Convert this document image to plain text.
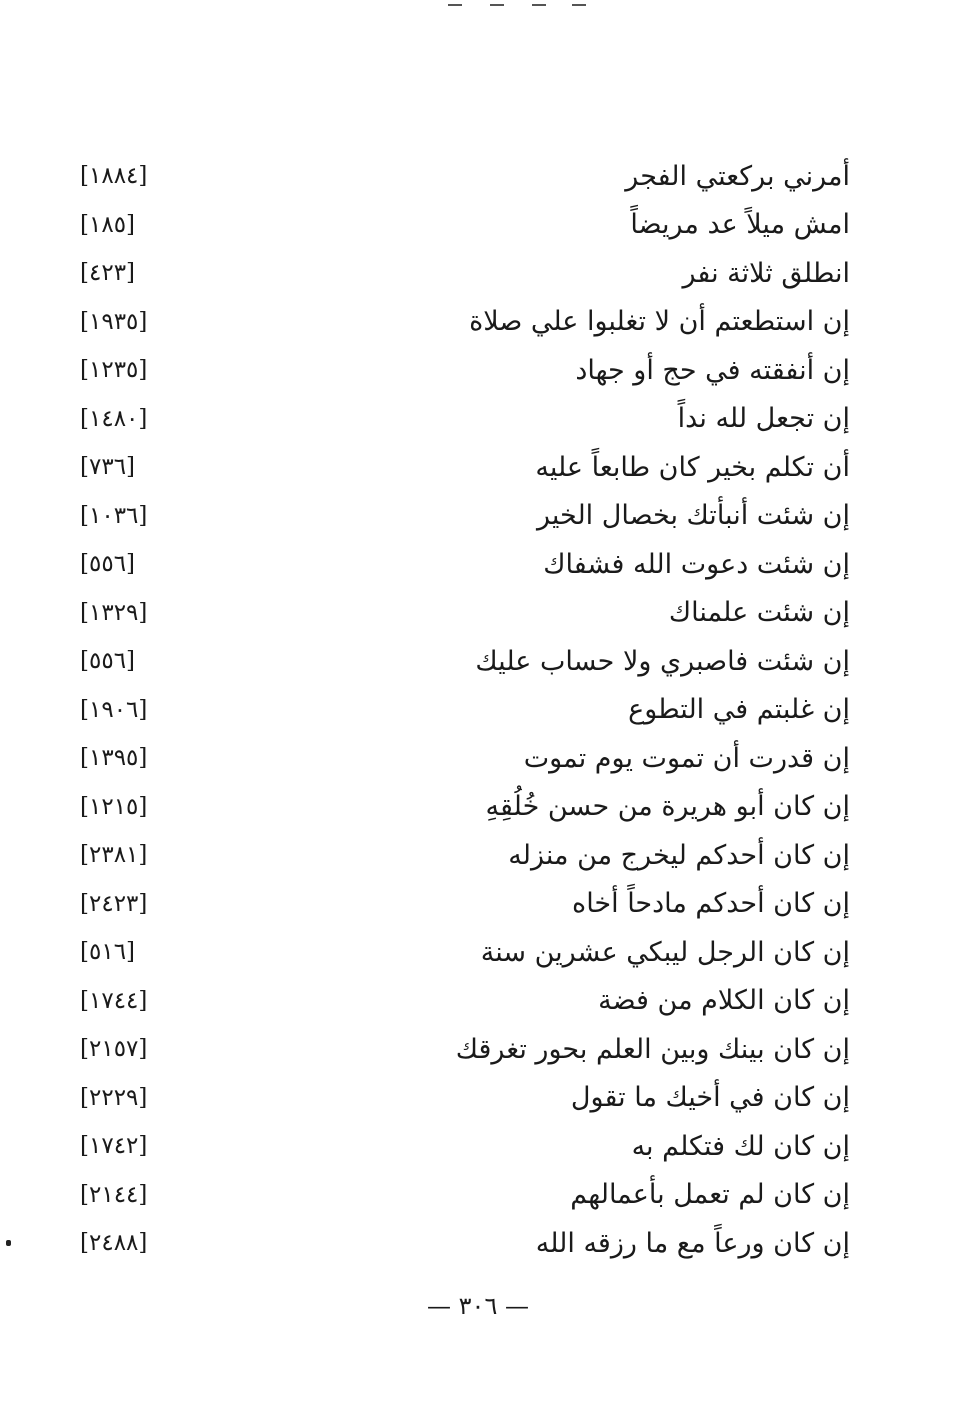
أمرني بركعتي الفجر
[١٨٨٤]
امش ميلاً عد مريضاً
[١٨٥]
انطلق ثلاثة نفر
[٤٢٣]
إن استطعتم أن لا تغلبوا علي صلاة
[١٩٣٥]
إن أنفقته في حج أو جهاد
[١٢٣٥]
إن تجعل لله نداً
[١٤٨٠]
أن تكلم بخير كان طابعاً عليه
[٧٣٦]
إن شئت أنبأتك بخصال الخير
[١٠٣٦]
إن شئت دعوت الله فشفاك
[٥٥٦]
إن شئت علمناك
[١٣٢٩]
إن شئت فاصبري ولا حساب عليك
[٥٥٦]
إن غلبتم في التطوع
[١٩٠٦]
إن قدرت أن تموت يوم تموت
[١٣٩٥]
إن كان أبو هريرة من حسن خُلُقِهِ
[١٢١٥]
إن كان أحدكم ليخرج من منزله
[٢٣٨١]
إن كان أحدكم مادحاً أخاه
[٢٤٢٣]
إن كان الرجل ليبكي عشرين سنة
[٥١٦]
إن كان الكلام من فضة
[١٧٤٤]
إن كان بينك وبين العلم بحور تغرقك
[٢١٥٧]
إن كان في أخيك ما تقول
[٢٢٢٩]
إن كان لك فتكلم به
[١٧٤٢]
إن كان لم تعمل بأعمالهم
[٢١٤٤]
إن كان ورعاً مع ما رزقه الله
[٢٤٨٨]
— ٣٠٦ —
